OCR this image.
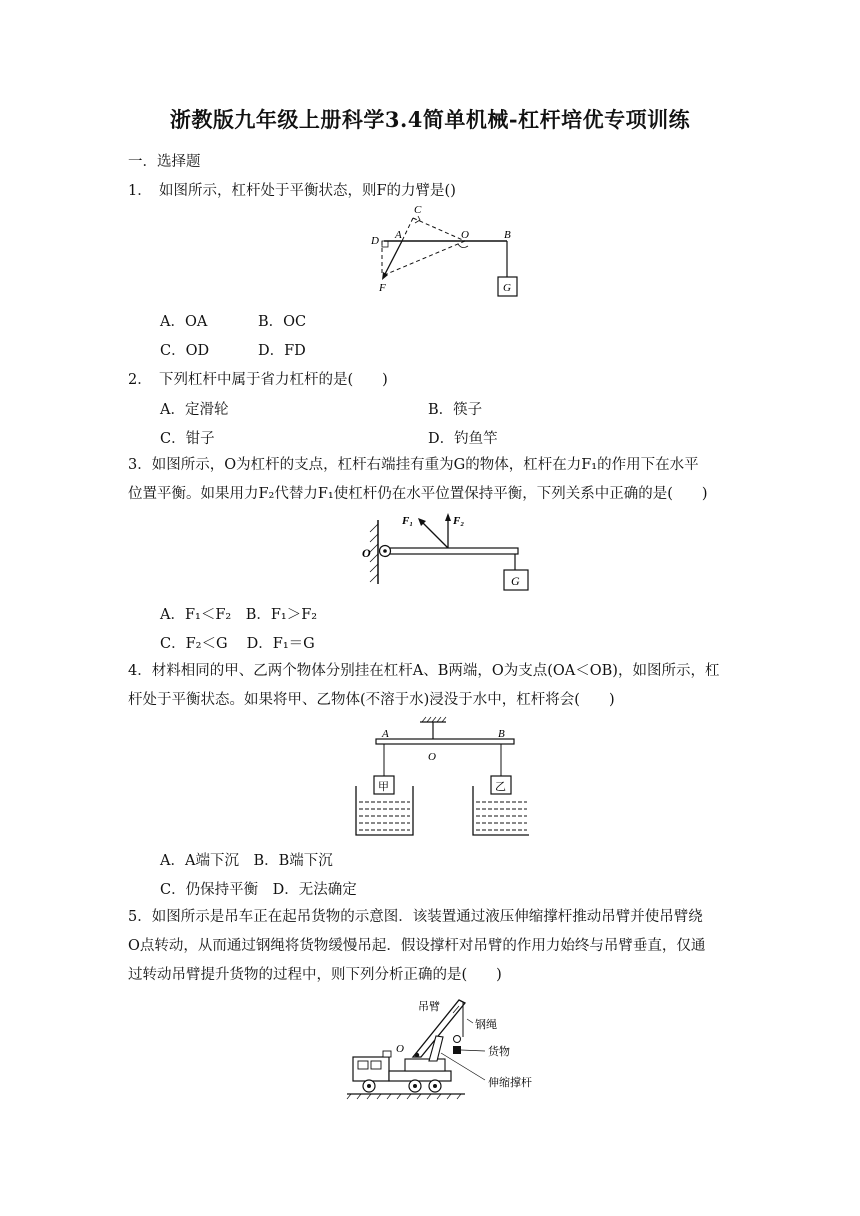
浙教版九年级上册科学3.4简单机械-杠杆培优专项训练
一．选择题
1．　如图所示，杠杆处于平衡状态，则F的力臂是()
C
D A	O	B
F	G
A．OA	B．OC
C．OD	D．FD
2．　下列杠杆中属于省力杠杆的是(　　)
A．定滑轮	B．筷子
C．钳子	D．钓鱼竿
3．如图所示，O为杠杆的支点，杠杆右端挂有重为G的物体，杠杆在力F₁的作用下在水平
位置平衡。如果用力F₂代替力F₁使杠杆仍在水平位置保持平衡，下列关系中正确的是(　　)
F₁	F₂
O
G
A．F₁＜F₂　B．F₁＞F₂
C．F₂＜G　 D．F₁＝G
4．材料相同的甲、乙两个物体分别挂在杠杆A、B两端，O为支点(OA＜OB)，如图所示，杠
杆处于平衡状态。如果将甲、乙物体(不溶于水)浸没于水中，杠杆将会(　　)
A	B
O
甲	乙
A．A端下沉　B．B端下沉
C．仍保持平衡　D．无法确定
5．如图所示是吊车正在起吊货物的示意图．该装置通过液压伸缩撑杆推动吊臂并使吊臂绕
O点转动，从而通过钢绳将货物缓慢吊起．假设撑杆对吊臂的作用力始终与吊臂垂直，仅通
过转动吊臂提升货物的过程中，则下列分析正确的是(　　)
吊臂
钢绳
O	货物
伸缩撑杆
